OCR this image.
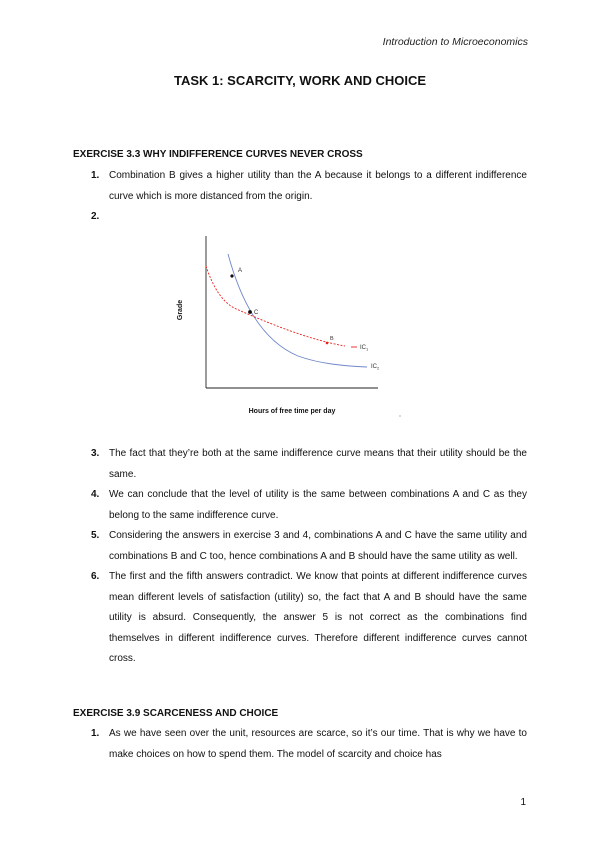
Introduction to Microeconomics
TASK 1: SCARCITY, WORK AND CHOICE
EXERCISE 3.3 WHY INDIFFERENCE CURVES NEVER CROSS
1. Combination B gives a higher utility than the A because it belongs to a different indifference curve which is more distanced from the origin.
2.
A
C
B
$IC_1$
$IC_2$
Grade
Hours of free time per day
3. The fact that they’re both at the same indifference curve means that their utility should be the same.
4. We can conclude that the level of utility is the same between combinations A and C as they belong to the same indifference curve.
5. Considering the answers in exercise 3 and 4, combinations A and C have the same utility and combinations B and C too, hence combinations A and B should have the same utility as well.
6. The first and the fifth answers contradict. We know that points at different indifference curves mean different levels of satisfaction (utility) so, the fact that A and B should have the same utility is absurd. Consequently, the answer 5 is not correct as the combinations find themselves in different indifference curves. Therefore different indifference curves cannot cross.
EXERCISE 3.9 SCARCENESS AND CHOICE
1. As we have seen over the unit, resources are scarce, so it’s our time. That is why we have to make choices on how to spend them. The model of scarcity and choice has
1
